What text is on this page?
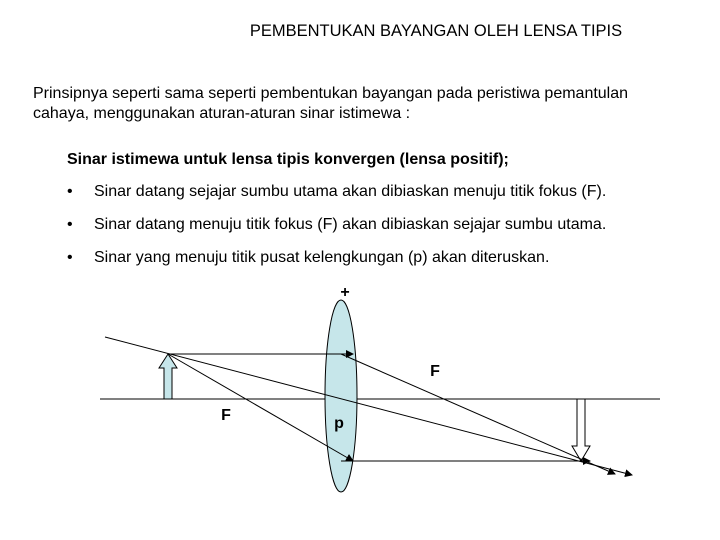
PEMBENTUKAN BAYANGAN OLEH LENSA TIPIS
Prinsipnya seperti sama seperti pembentukan bayangan pada peristiwa pemantulan cahaya, menggunakan aturan-aturan sinar istimewa :
Sinar istimewa untuk lensa tipis konvergen (lensa positif);
• Sinar datang sejajar sumbu utama akan dibiaskan menuju titik fokus (F).
• Sinar datang menuju titik fokus (F) akan dibiaskan sejajar sumbu utama.
• Sinar yang menuju titik pusat kelengkungan (p) akan diteruskan.
+
F
F	p
